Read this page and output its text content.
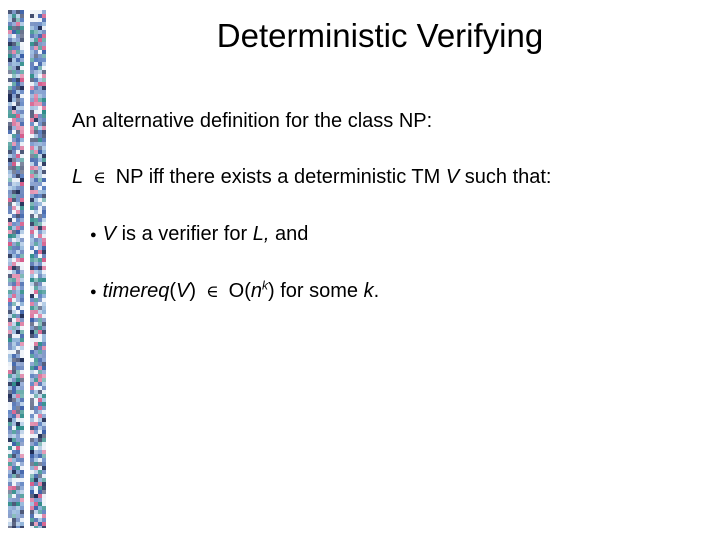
Deterministic Verifying
An alternative definition for the class NP:
L ∈ NP iff there exists a deterministic TM V such that:
● V is a verifier for L, and
● timereq(V) ∈ $O(n^k)$ for some k.
